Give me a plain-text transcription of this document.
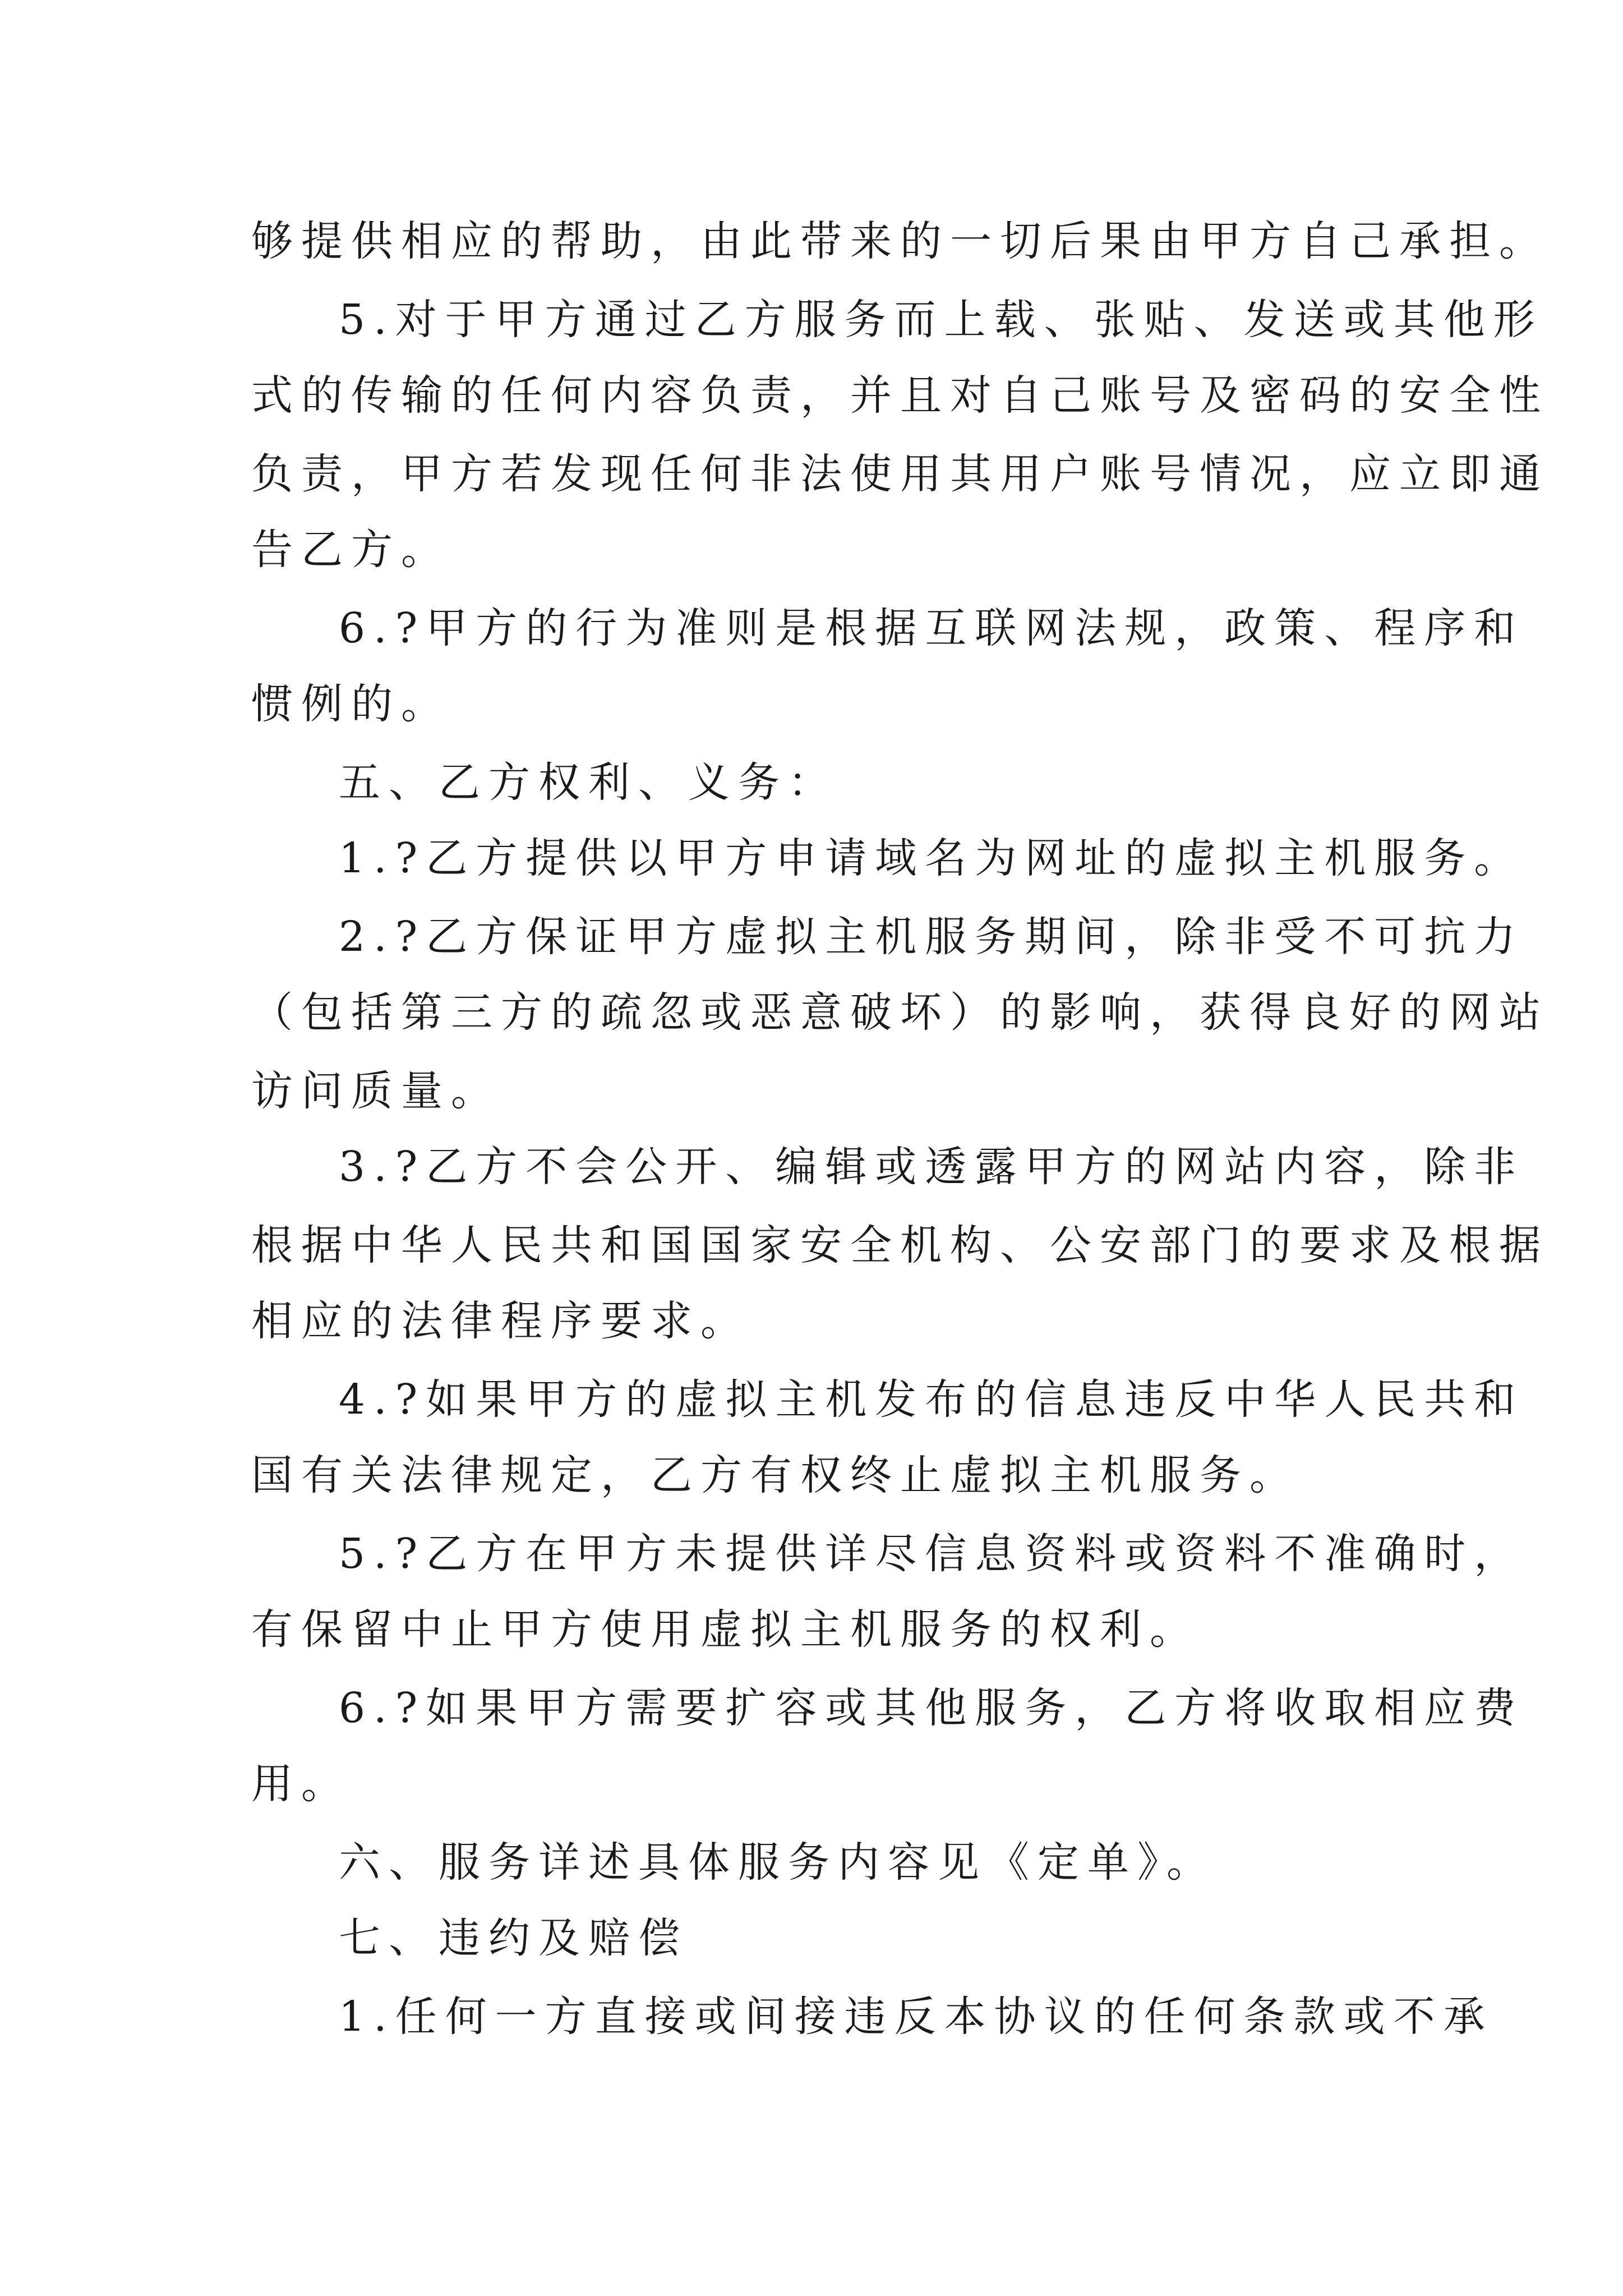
够提供相应的帮助，由此带来的一切后果由甲方自己承担。
5.对于甲方通过乙方服务而上载、张贴、发送或其他形
式的传输的任何内容负责，并且对自己账号及密码的安全性
负责，甲方若发现任何非法使用其用户账号情况，应立即通
告乙方。
6.?甲方的行为准则是根据互联网法规，政策、程序和
惯例的。
五、乙方权利、义务：
1.?乙方提供以甲方申请域名为网址的虚拟主机服务。
2.?乙方保证甲方虚拟主机服务期间，除非受不可抗力
（包括第三方的疏忽或恶意破坏）的影响，获得良好的网站
访问质量。
3.?乙方不会公开、编辑或透露甲方的网站内容，除非
根据中华人民共和国国家安全机构、公安部门的要求及根据
相应的法律程序要求。
4.?如果甲方的虚拟主机发布的信息违反中华人民共和
国有关法律规定，乙方有权终止虚拟主机服务。
5.?乙方在甲方未提供详尽信息资料或资料不准确时，
有保留中止甲方使用虚拟主机服务的权利。
6.?如果甲方需要扩容或其他服务，乙方将收取相应费
用。
六、服务详述具体服务内容见《定单》。
七、违约及赔偿
1.任何一方直接或间接违反本协议的任何条款或不承
